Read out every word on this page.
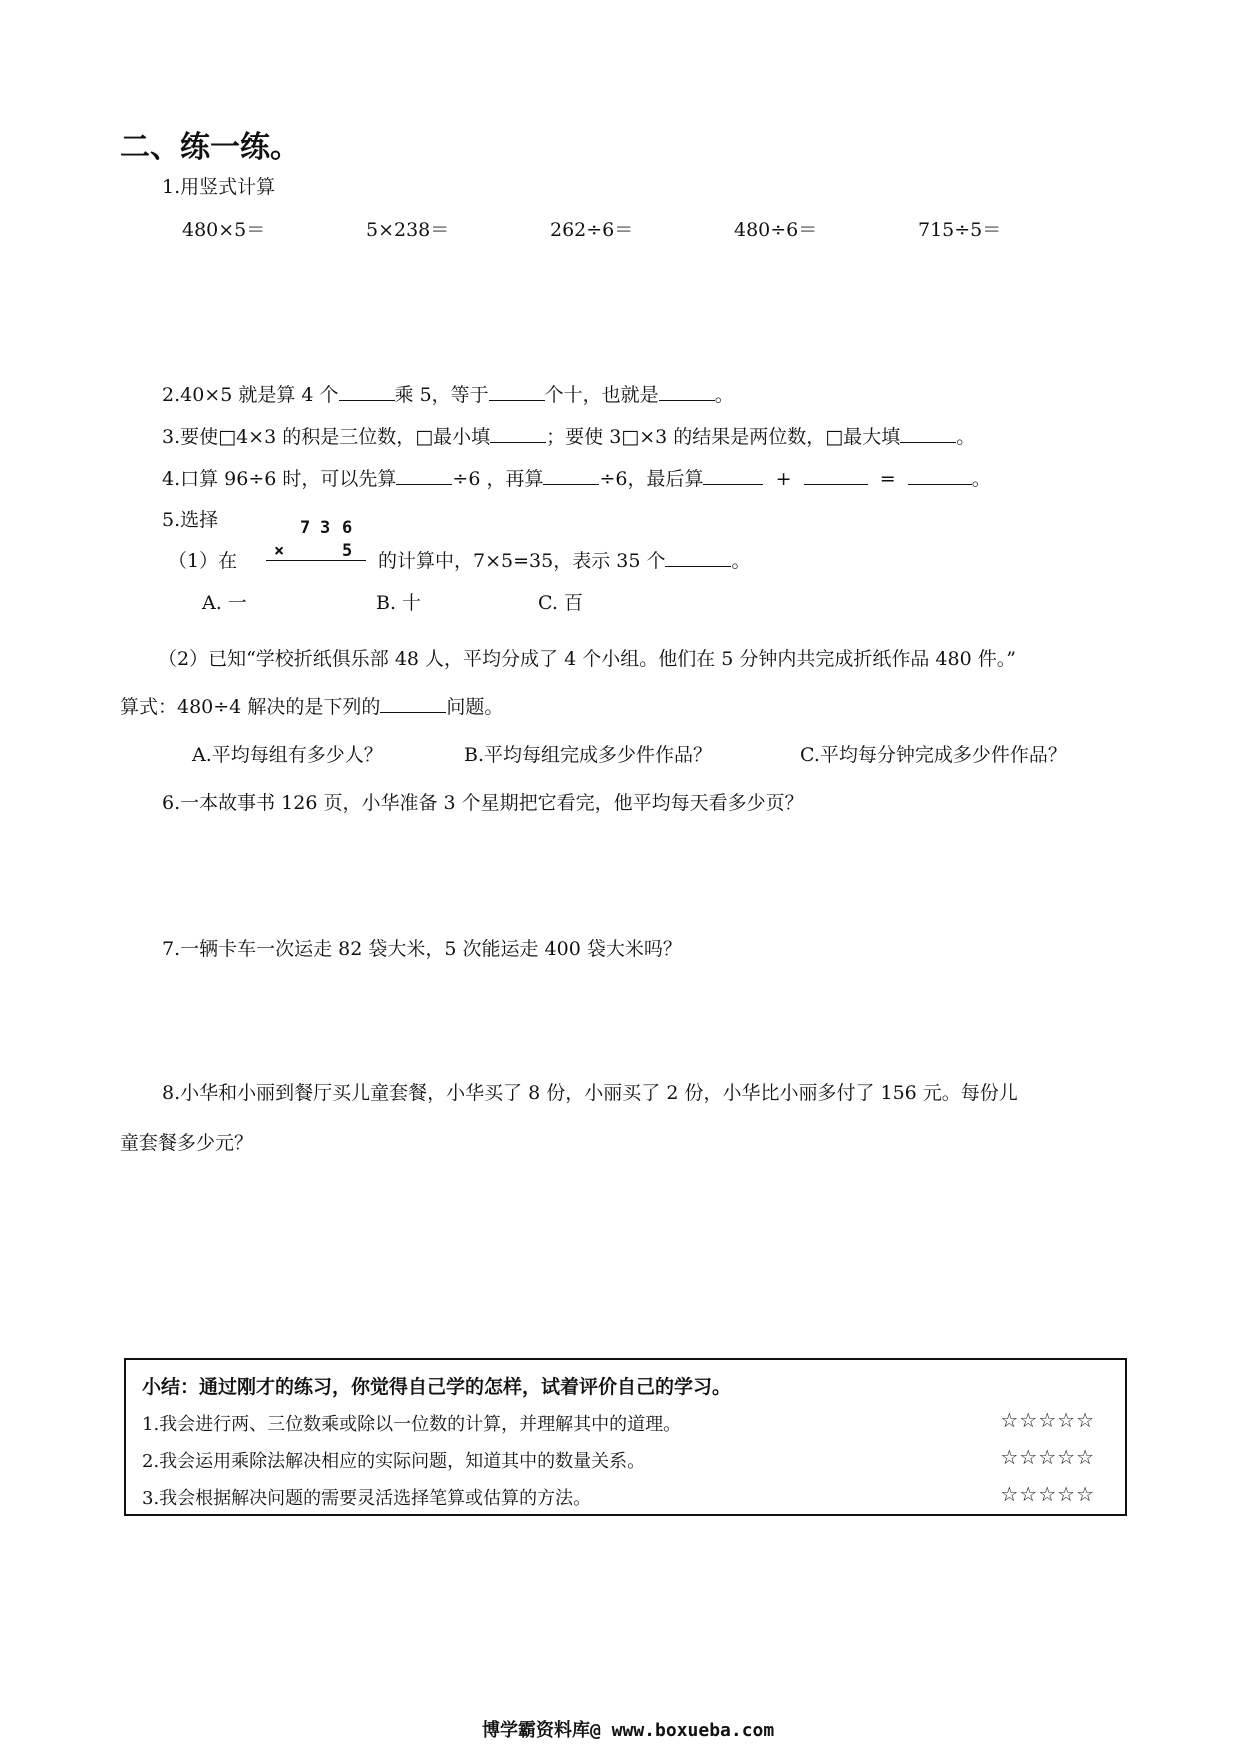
二、练一练。
1.用竖式计算
480×5＝	5×238＝	262÷6＝	480÷6＝	715÷5＝
2.40×5 就是算 4 个	乘 5，等于	个十，也就是	。
3.要使□4×3 的积是三位数，□最小填	；要使 3□×3 的结果是两位数，□最大填	。
4.口算 96÷6 时，可以先算	÷6 ，再算	÷6，最后算	+	=	。
5.选择
（1）在
7 3 6
×	5 的计算中，7×5=35，表示 35 个	。
A. 一	B. 十	C. 百
（2）已知“学校折纸俱乐部 48 人，平均分成了 4 个小组。他们在 5 分钟内共完成折纸作品 480 件。”
算式：480÷4 解决的是下列的	问题。
A.平均每组有多少人？	B.平均每组完成多少件作品？	C.平均每分钟完成多少件作品？
6.一本故事书 126 页，小华准备 3 个星期把它看完，他平均每天看多少页？
7.一辆卡车一次运走 82 袋大米，5 次能运走 400 袋大米吗？
8.小华和小丽到餐厅买儿童套餐，小华买了 8 份，小丽买了 2 份，小华比小丽多付了 156 元。每份儿
童套餐多少元？
小结：通过刚才的练习，你觉得自己学的怎样，试着评价自己的学习。
1.我会进行两、三位数乘或除以一位数的计算，并理解其中的道理。	☆☆☆☆☆
2.我会运用乘除法解决相应的实际问题，知道其中的数量关系。	☆☆☆☆☆
3.我会根据解决问题的需要灵活选择笔算或估算的方法。	☆☆☆☆☆
博学霸资料库@ www.boxueba.com
